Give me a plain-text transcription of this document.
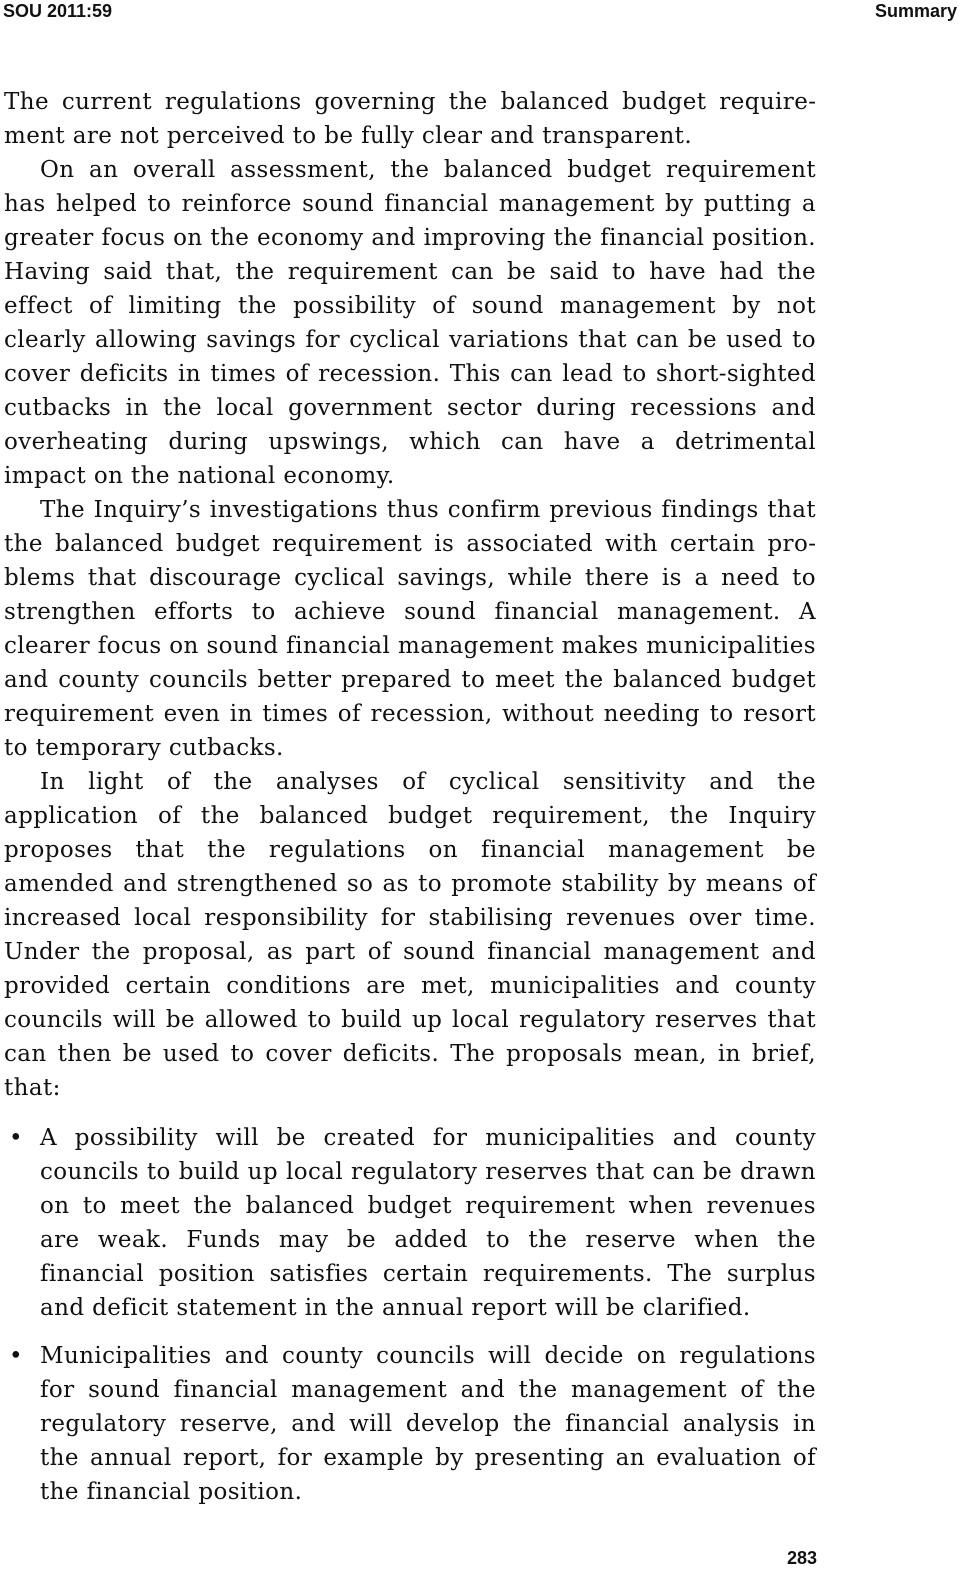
SOU 2011:59	Summary

The current regulations governing the balanced budget requirement are not perceived to be fully clear and transparent.

On an overall assessment, the balanced budget requirement has helped to reinforce sound financial management by putting a greater focus on the economy and improving the financial position. Having said that, the requirement can be said to have had the effect of limiting the possibility of sound management by not clearly allowing savings for cyclical variations that can be used to cover deficits in times of recession. This can lead to short-sighted cutbacks in the local government sector during recessions and overheating during upswings, which can have a detrimental impact on the national economy.

The Inquiry’s investigations thus confirm previous findings that the balanced budget requirement is associated with certain problems that discourage cyclical savings, while there is a need to strengthen efforts to achieve sound financial management. A clearer focus on sound financial management makes municipalities and county councils better prepared to meet the balanced budget requirement even in times of recession, without needing to resort to temporary cutbacks.

In light of the analyses of cyclical sensitivity and the application of the balanced budget requirement, the Inquiry proposes that the regulations on financial management be amended and strengthened so as to promote stability by means of increased local responsibility for stabilising revenues over time. Under the proposal, as part of sound financial management and provided certain conditions are met, municipalities and county councils will be allowed to build up local regulatory reserves that can then be used to cover deficits. The proposals mean, in brief, that:

• A possibility will be created for municipalities and county councils to build up local regulatory reserves that can be drawn on to meet the balanced budget requirement when revenues are weak. Funds may be added to the reserve when the financial position satisfies certain requirements. The surplus and deficit statement in the annual report will be clarified.
• Municipalities and county councils will decide on regulations for sound financial management and the management of the regulatory reserve, and will develop the financial analysis in the annual report, for example by presenting an evaluation of the financial position.
283
